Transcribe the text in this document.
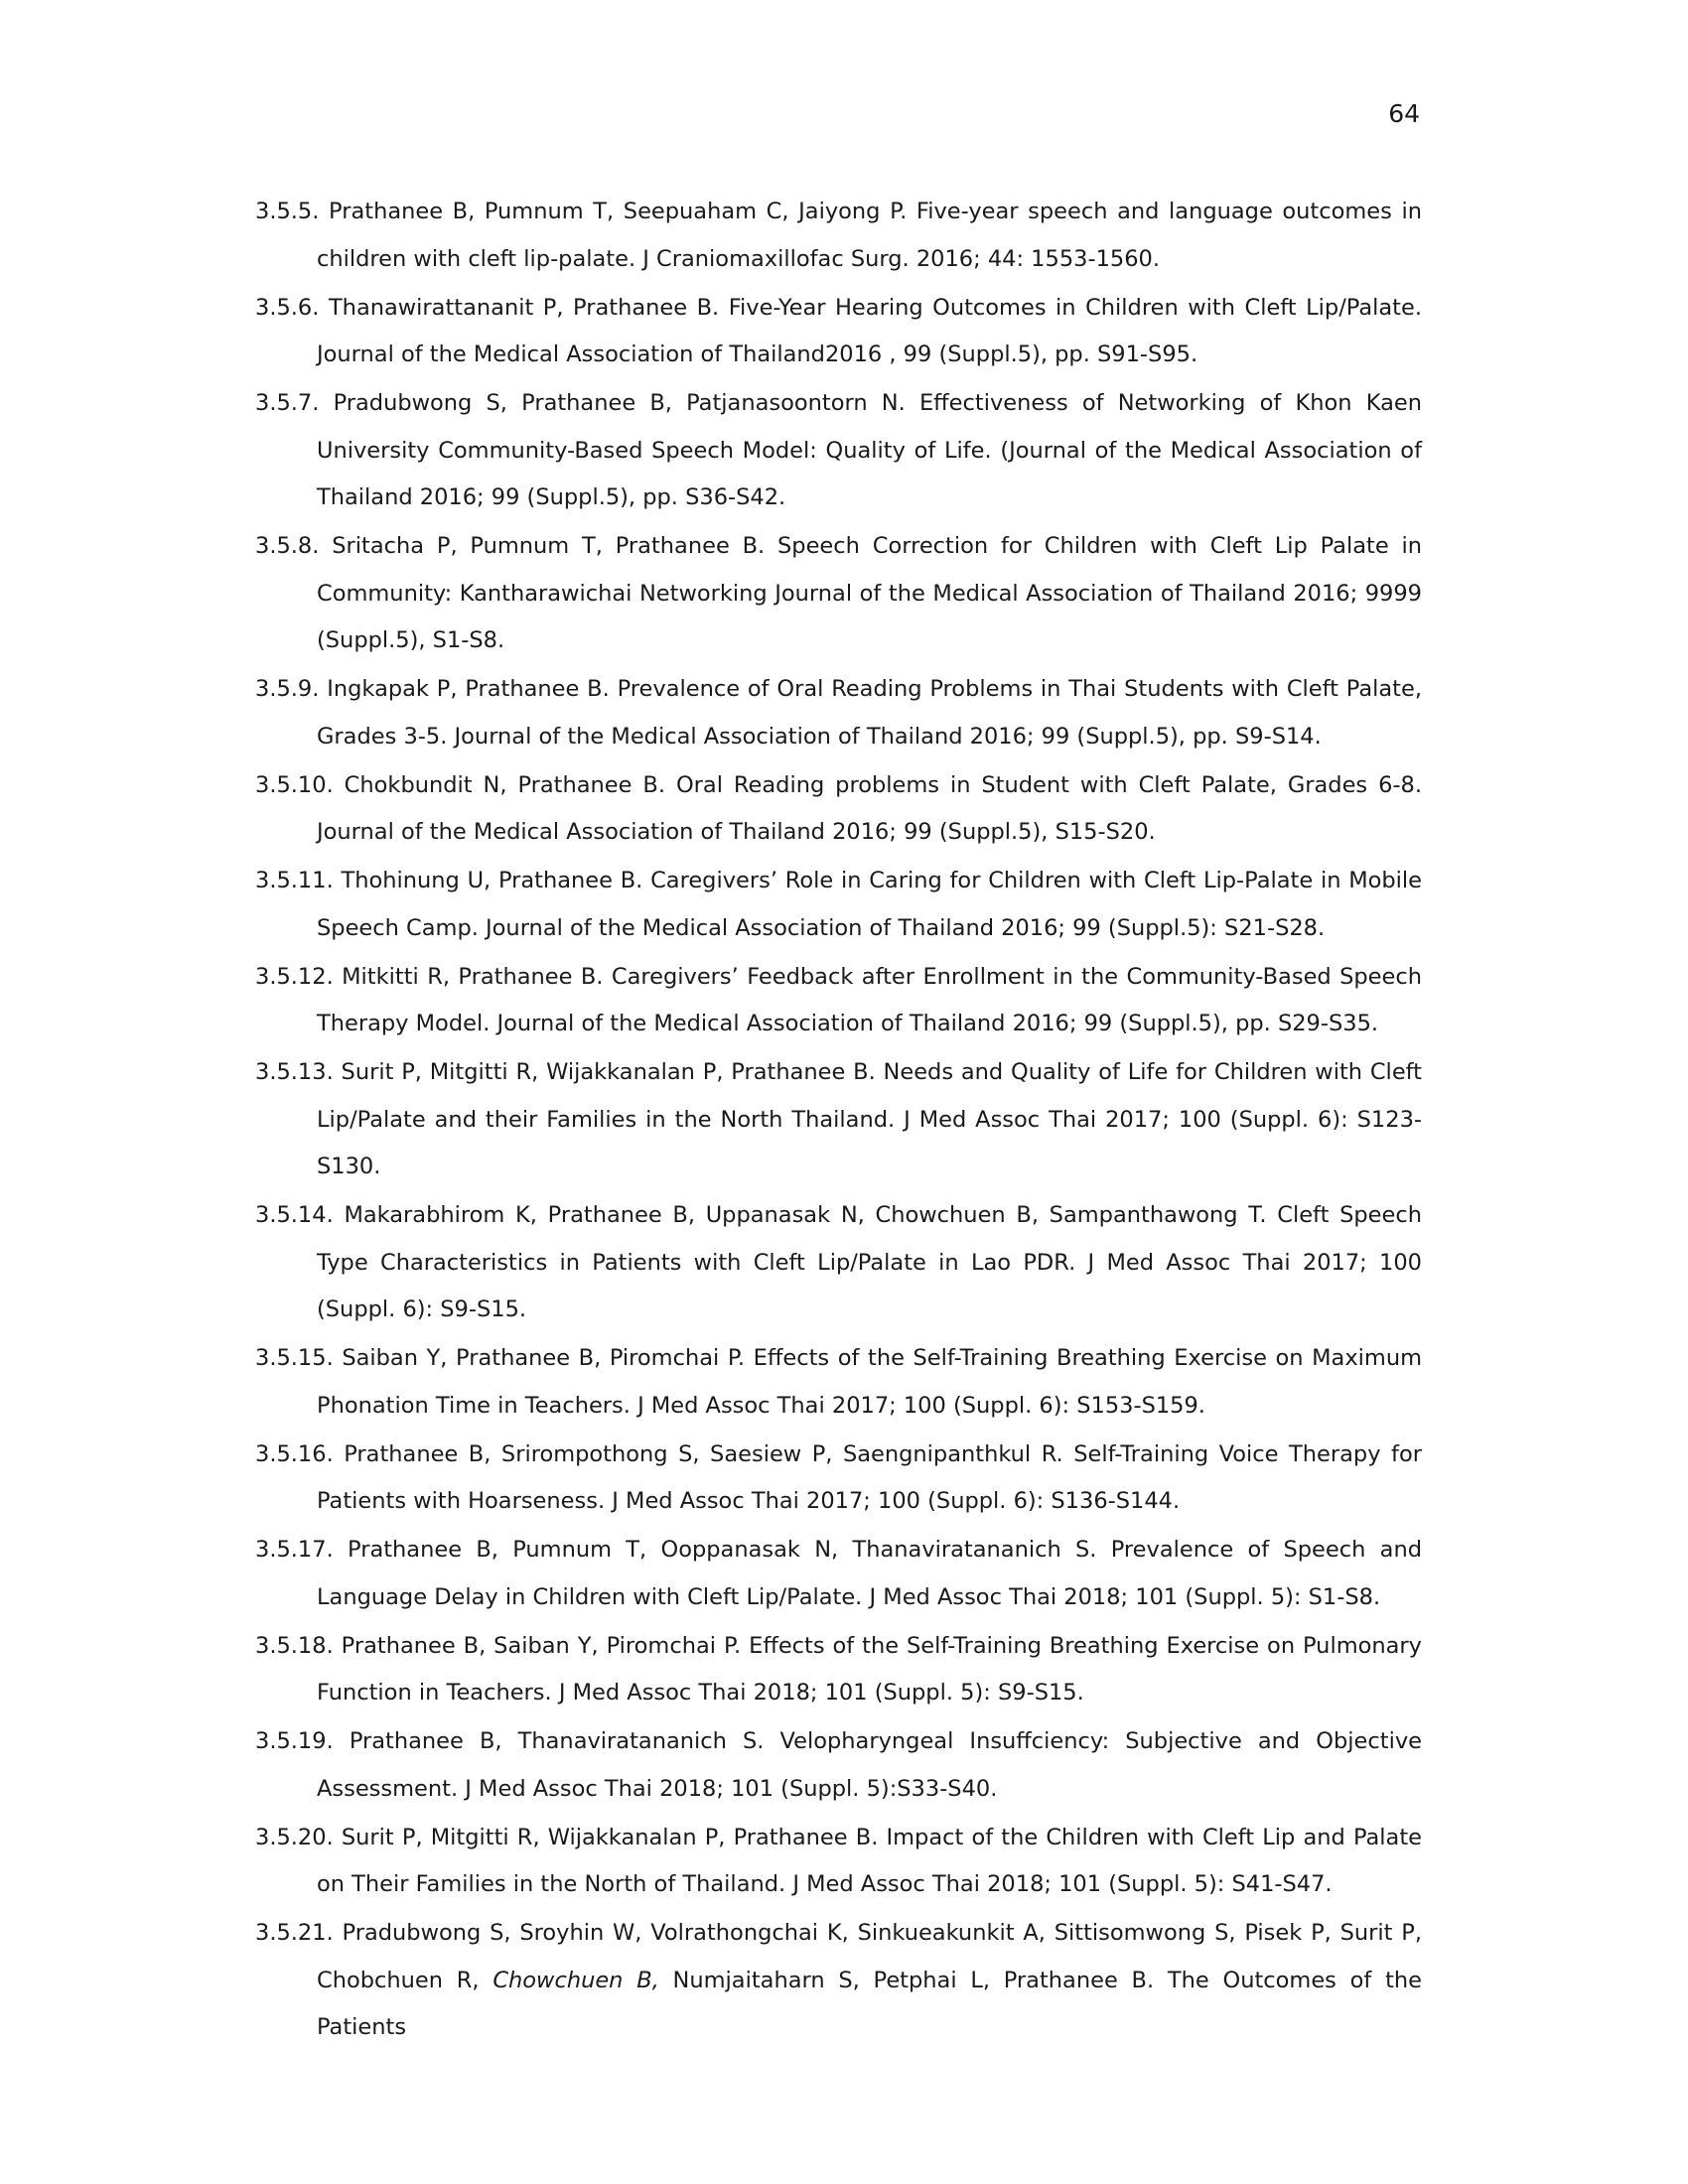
64

3.5.5. Prathanee B, Pumnum T, Seepuaham C, Jaiyong P. Five-year speech and language outcomes in children with cleft lip-palate. J Craniomaxillofac Surg. 2016; 44: 1553-1560.

3.5.6. Thanawirattananit P, Prathanee B. Five-Year Hearing Outcomes in Children with Cleft Lip/Palate. Journal of the Medical Association of Thailand2016 , 99 (Suppl.5), pp. S91-S95.

3.5.7. Pradubwong S, Prathanee B, Patjanasoontorn N. Effectiveness of Networking of Khon Kaen University Community-Based Speech Model: Quality of Life. (Journal of the Medical Association of Thailand 2016; 99 (Suppl.5), pp. S36-S42.

3.5.8. Sritacha P, Pumnum T, Prathanee B. Speech Correction for Children with Cleft Lip Palate in Community: Kantharawichai Networking Journal of the Medical Association of Thailand 2016; 9999 (Suppl.5), S1-S8.

3.5.9. Ingkapak P, Prathanee B. Prevalence of Oral Reading Problems in Thai Students with Cleft Palate, Grades 3-5. Journal of the Medical Association of Thailand 2016; 99 (Suppl.5), pp. S9-S14.

3.5.10. Chokbundit N, Prathanee B. Oral Reading problems in Student with Cleft Palate, Grades 6-8. Journal of the Medical Association of Thailand 2016; 99 (Suppl.5), S15-S20.

3.5.11. Thohinung U, Prathanee B. Caregivers’ Role in Caring for Children with Cleft Lip-Palate in Mobile Speech Camp. Journal of the Medical Association of Thailand 2016; 99 (Suppl.5): S21-S28.

3.5.12. Mitkitti R, Prathanee B. Caregivers’ Feedback after Enrollment in the Community-Based Speech Therapy Model. Journal of the Medical Association of Thailand 2016; 99 (Suppl.5), pp. S29-S35.

3.5.13. Surit P, Mitgitti R, Wijakkanalan P, Prathanee B. Needs and Quality of Life for Children with Cleft Lip/Palate and their Families in the North Thailand. J Med Assoc Thai 2017; 100 (Suppl. 6): S123-S130.

3.5.14. Makarabhirom K, Prathanee B, Uppanasak N, Chowchuen B, Sampanthawong T. Cleft Speech Type Characteristics in Patients with Cleft Lip/Palate in Lao PDR. J Med Assoc Thai 2017; 100 (Suppl. 6): S9-S15.

3.5.15. Saiban Y, Prathanee B, Piromchai P. Effects of the Self-Training Breathing Exercise on Maximum Phonation Time in Teachers. J Med Assoc Thai 2017; 100 (Suppl. 6): S153-S159.

3.5.16. Prathanee B, Srirompothong S, Saesiew P, Saengnipanthkul R. Self-Training Voice Therapy for Patients with Hoarseness. J Med Assoc Thai 2017; 100 (Suppl. 6): S136-S144.

3.5.17. Prathanee B, Pumnum T, Ooppanasak N, Thanaviratananich S. Prevalence of Speech and Language Delay in Children with Cleft Lip/Palate. J Med Assoc Thai 2018; 101 (Suppl. 5): S1-S8.

3.5.18. Prathanee B, Saiban Y, Piromchai P. Effects of the Self-Training Breathing Exercise on Pulmonary Function in Teachers. J Med Assoc Thai 2018; 101 (Suppl. 5): S9-S15.

3.5.19. Prathanee B, Thanaviratananich S. Velopharyngeal Insuffciency: Subjective and Objective Assessment. J Med Assoc Thai 2018; 101 (Suppl. 5):S33-S40.

3.5.20. Surit P, Mitgitti R, Wijakkanalan P, Prathanee B. Impact of the Children with Cleft Lip and Palate on Their Families in the North of Thailand. J Med Assoc Thai 2018; 101 (Suppl. 5): S41-S47.

3.5.21. Pradubwong S, Sroyhin W, Volrathongchai K, Sinkueakunkit A, Sittisomwong S, Pisek P, Surit P, Chobchuen R, Chowchuen B, Numjaitaharn S, Petphai L, Prathanee B. The Outcomes of the Patients
